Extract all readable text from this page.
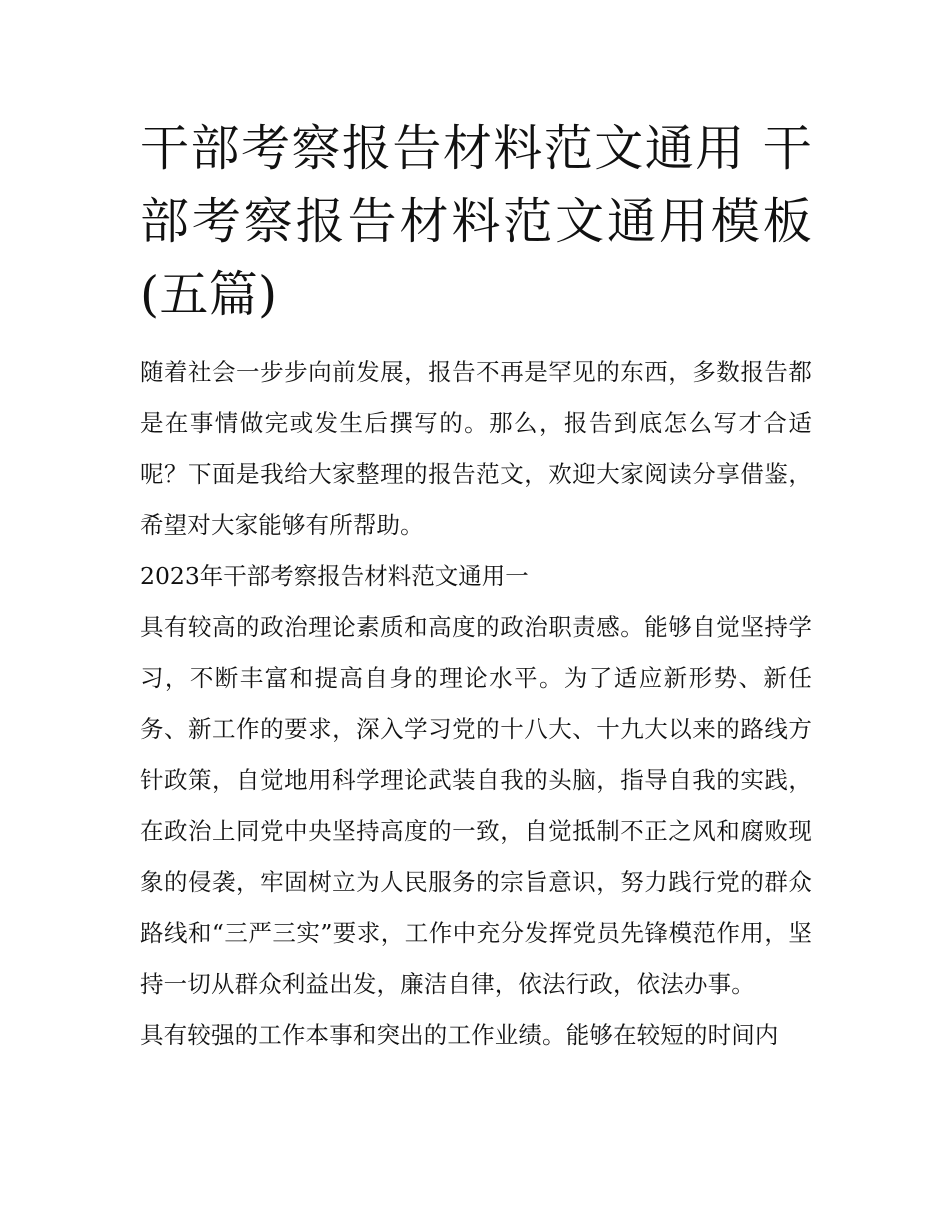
干部考察报告材料范文通用 干部考察报告材料范文通用模板(五篇)

随着社会一步步向前发展，报告不再是罕见的东西，多数报告都是在事情做完或发生后撰写的。那么，报告到底怎么写才合适呢？下面是我给大家整理的报告范文，欢迎大家阅读分享借鉴，希望对大家能够有所帮助。

2023年干部考察报告材料范文通用一

具有较高的政治理论素质和高度的政治职责感。能够自觉坚持学习，不断丰富和提高自身的理论水平。为了适应新形势、新任务、新工作的要求，深入学习党的十八大、十九大以来的路线方针政策，自觉地用科学理论武装自我的头脑，指导自我的实践，在政治上同党中央坚持高度的一致，自觉抵制不正之风和腐败现象的侵袭，牢固树立为人民服务的宗旨意识，努力践行党的群众路线和“三严三实”要求，工作中充分发挥党员先锋模范作用，坚持一切从群众利益出发，廉洁自律，依法行政，依法办事。

具有较强的工作本事和突出的工作业绩。能够在较短的时间内
